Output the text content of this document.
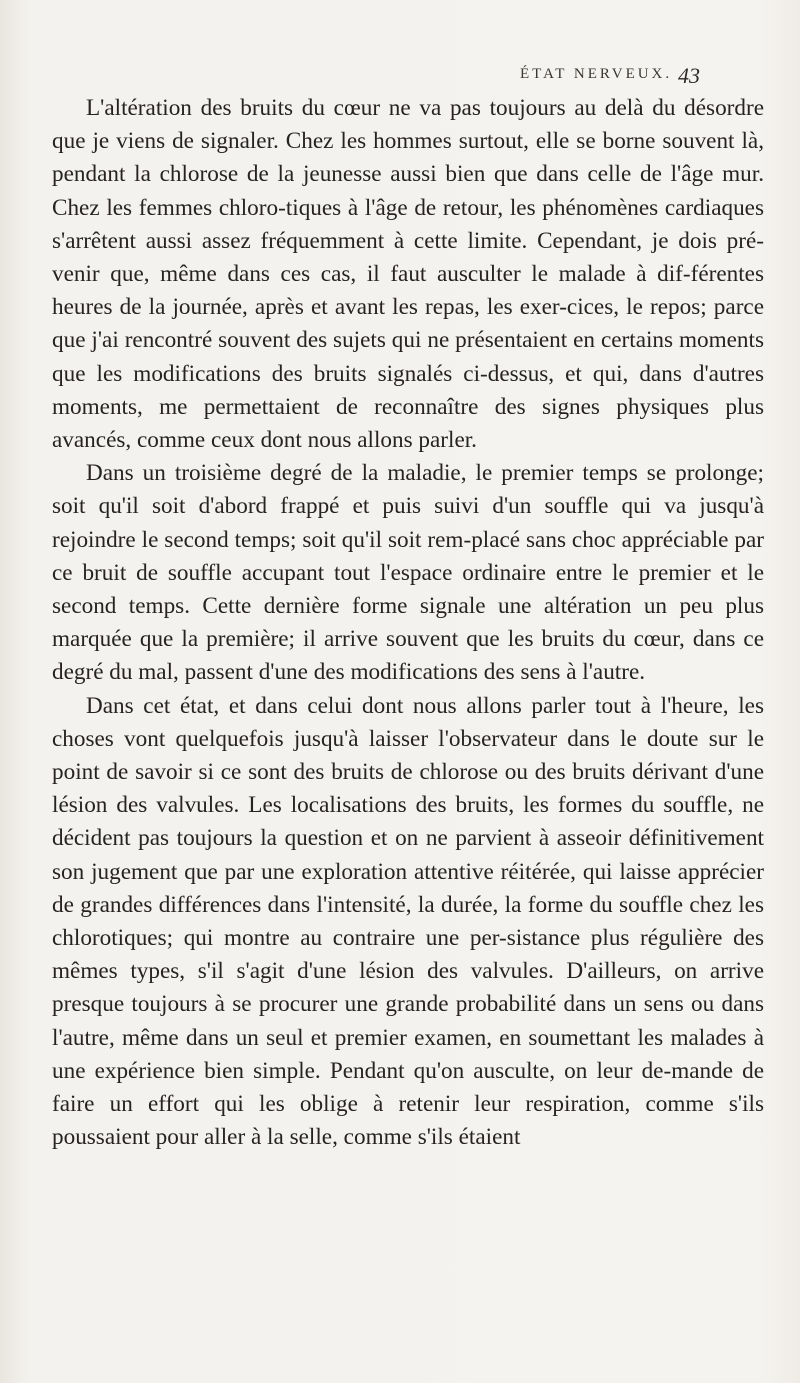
ÉTAT NERVEUX. 43

L'altération des bruits du cœur ne va pas toujours au delà du désordre que je viens de signaler. Chez les hommes surtout, elle se borne souvent là, pendant la chlorose de la jeunesse aussi bien que dans celle de l'âge mur. Chez les femmes chloro-tiques à l'âge de retour, les phénomènes cardiaques s'arrêtent aussi assez fréquemment à cette limite. Cependant, je dois pré-venir que, même dans ces cas, il faut ausculter le malade à dif-férentes heures de la journée, après et avant les repas, les exer-cices, le repos; parce que j'ai rencontré souvent des sujets qui ne présentaient en certains moments que les modifications des bruits signalés ci-dessus, et qui, dans d'autres moments, me permettaient de reconnaître des signes physiques plus avancés, comme ceux dont nous allons parler.

Dans un troisième degré de la maladie, le premier temps se prolonge; soit qu'il soit d'abord frappé et puis suivi d'un souffle qui va jusqu'à rejoindre le second temps; soit qu'il soit rem-placé sans choc appréciable par ce bruit de souffle accupant tout l'espace ordinaire entre le premier et le second temps. Cette dernière forme signale une altération un peu plus marquée que la première; il arrive souvent que les bruits du cœur, dans ce degré du mal, passent d'une des modifications des sens à l'autre.

Dans cet état, et dans celui dont nous allons parler tout à l'heure, les choses vont quelquefois jusqu'à laisser l'observateur dans le doute sur le point de savoir si ce sont des bruits de chlorose ou des bruits dérivant d'une lésion des valvules. Les localisations des bruits, les formes du souffle, ne décident pas toujours la question et on ne parvient à asseoir définitivement son jugement que par une exploration attentive réitérée, qui laisse apprécier de grandes différences dans l'intensité, la durée, la forme du souffle chez les chlorotiques; qui montre au contraire une per-sistance plus régulière des mêmes types, s'il s'agit d'une lésion des valvules. D'ailleurs, on arrive presque toujours à se procurer une grande probabilité dans un sens ou dans l'autre, même dans un seul et premier examen, en soumettant les malades à une expérience bien simple. Pendant qu'on ausculte, on leur de-mande de faire un effort qui les oblige à retenir leur respiration, comme s'ils poussaient pour aller à la selle, comme s'ils étaient
